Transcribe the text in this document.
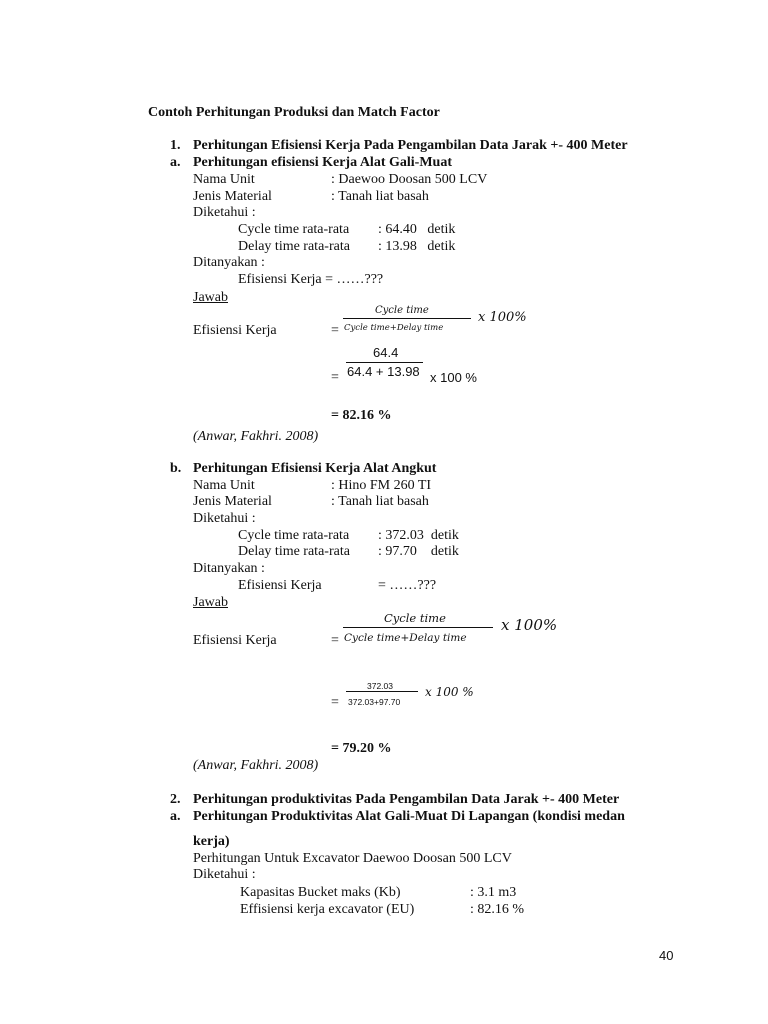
Contoh Perhitungan Produksi dan Match Factor
1. Perhitungan Efisiensi Kerja Pada Pengambilan Data Jarak +- 400 Meter
a. Perhitungan efisiensi Kerja Alat Gali-Muat
Nama Unit	: Daewoo Doosan 500 LCV
Jenis Material	: Tanah liat basah
Diketahui :
Cycle time rata-rata : 64.40   detik
Delay time rata-rata : 13.98   detik
Ditanyakan :
Efisiensi Kerja = ……???
Jawab
Efisiensi Kerja	=
Cycle time
Cycle time+Delay time
x 100%
64.4
64.4 + 13.98
=	x 100 %
= 82.16 %
(Anwar, Fakhri. 2008)
b. Perhitungan Efisiensi Kerja Alat Angkut
Nama Unit	: Hino FM 260 TI
Jenis Material	: Tanah liat basah
Diketahui :
Cycle time rata-rata : 372.03  detik
Delay time rata-rata : 97.70    detik
Ditanyakan :
Efisiensi Kerja	= ……???
Jawab
Efisiensi Kerja	=
Cycle time
Cycle time+Delay time
x 100%
372.03
372.03+97.70
=
x 100 %
= 79.20 %
(Anwar, Fakhri. 2008)
2. Perhitungan produktivitas Pada Pengambilan Data Jarak +- 400 Meter
a. Perhitungan Produktivitas Alat Gali-Muat Di Lapangan (kondisi medan
kerja)
Perhitungan Untuk Excavator Daewoo Doosan 500 LCV
Diketahui :
Kapasitas Bucket maks (Kb)	: 3.1 m3
Effisiensi kerja excavator (EU)	: 82.16 %
40
